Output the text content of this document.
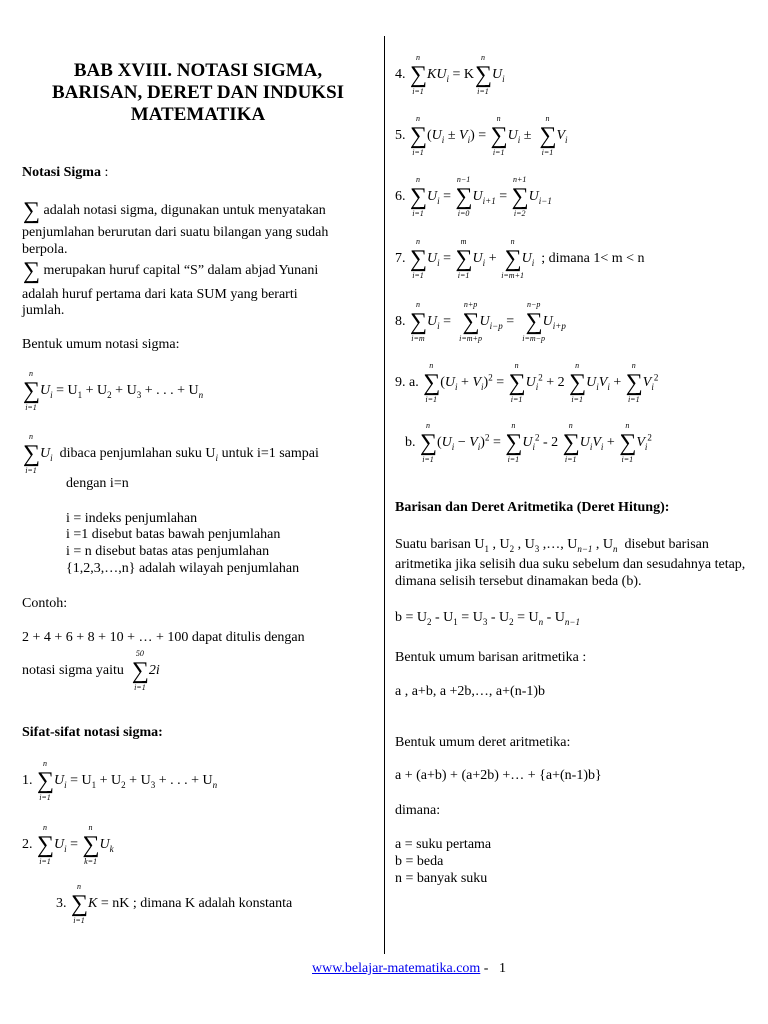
BAB XVIII. NOTASI SIGMA,
BARISAN, DERET DAN INDUKSI
MATEMATIKA
Notasi Sigma :
∑ adalah notasi sigma, digunakan untuk menyatakan
penjumlahan berurutan dari suatu bilangan yang sudah
berpola.
∑ merupakan huruf capital “S” dalam abjad Yunani
adalah huruf pertama dari kata SUM yang berarti
jumlah.
Bentuk umum notasi sigma:
n
∑
i=1
$U_i = U_1 + U_2 + U_3$ + . . . + $U_n$
n
∑
i=1
$U_i$ dibaca penjumlahan suku $U_i$ untuk i=1 sampai
dengan i=n
i = indeks penjumlahan
i =1 disebut batas bawah penjumlahan
i = n disebut batas atas penjumlahan
{1,2,3,…,n} adalah wilayah penjumlahan
Contoh:
2 + 4 + 6 + 8 + 10 + … + 100 dapat ditulis dengan
notasi sigma yaitu
50
∑
i=1
2i
Sifat-sifat notasi sigma:
1.
n
∑
i=1
$U_i = U_1 + U_2 + U_3$ + . . . + $U_n$
2.
n
∑
i=1
$U_i$ =
n
∑
k=1
$U_k$
3.
n
∑
i=1
K = nK ; dimana K adalah konstanta
4.
n
∑
i=1
$KU_i = K$
n
∑
i=1
$U_i$
5.
n
∑
i=1
$(U_i \pm V_i)$ =
n
∑
i=1
$U_i$ ±
n
∑
i=1
$V_i$
6.
n
∑
i=1
$U_i$ =
n−1
∑
i=0
$U_{i+1}$ =
n+1
∑
i=2
$U_{i-1}$
7.
n
∑
i=1
$U_i$ =
m
∑
i=1
$U_i$ +
n
∑
i=m+1
$U_i$ ; dimana 1< m < n
8.
n
∑
i=m
$U_i$ =
n+p
∑
i=m+p
$U_{i-p}$ =
n−p
∑
i=m−p
$U_{i+p}$
9. a.
n
∑
i=1
$(U_i + V_i)^2$ =
n
∑
i=1
$U_i^2 + 2$
n
∑
i=1
$U_iV_i$ +
n
∑
i=1
$V_i^2$
b.
n
∑
i=1
$(U_i - V_i)^2$ =
n
∑
i=1
$U_i^2 - 2$
n
∑
i=1
$U_iV_i$ +
n
∑
i=1
$V_i^2$
Barisan dan Deret Aritmetika (Deret Hitung):
Suatu barisan $U_1$ , $U_2$ , $U_3$ ,…, $U_{n-1}$ , $U_n$ disebut barisan
aritmetika jika selisih dua suku sebelum dan sesudahnya tetap,
dimana selisih tersebut dinamakan beda (b).
$b = U_2 - U_1 = U_3 - U_2 = U_n - U_{n-1}$
Bentuk umum barisan aritmetika :
a , a+b, a +2b,…, a+(n-1)b
Bentuk umum deret aritmetika:
a + (a+b) + (a+2b) +… + {a+(n-1)b}
dimana:
a = suku pertama
b = beda
n = banyak suku
www.belajar-matematika.com -   1
